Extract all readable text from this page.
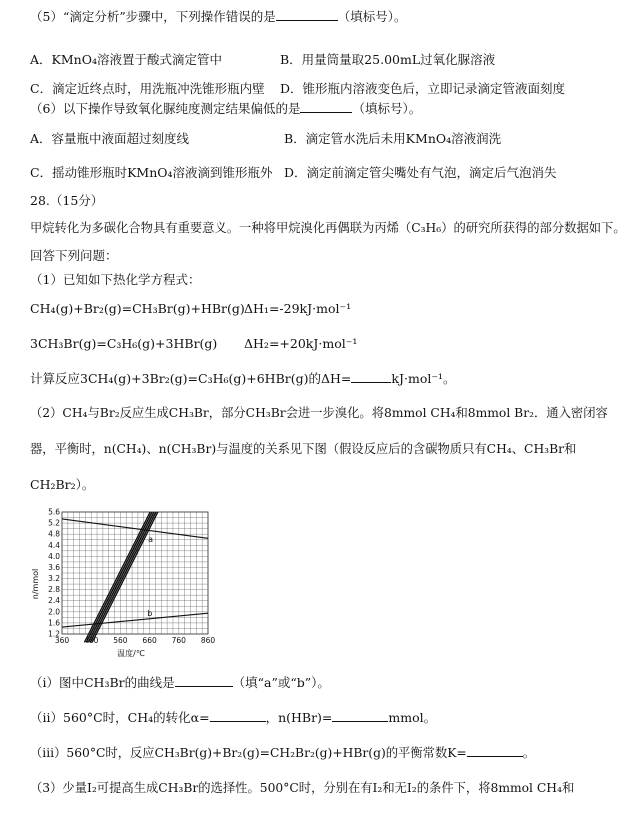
（5）“滴定分析”步骤中，下列操作错误的是	（填标号）。
A．KMnO₄溶液置于酸式滴定管中	B．用量筒量取25.00mL过氧化脲溶液
C．滴定近终点时，用洗瓶冲洗锥形瓶内壁 D．锥形瓶内溶液变色后，立即记录滴定管液面刻度
（6）以下操作导致氧化脲纯度测定结果偏低的是	（填标号）。
A．容量瓶中液面超过刻度线	B．滴定管水洗后未用KMnO₄溶液润洗
C．摇动锥形瓶时KMnO₄溶液滴到锥形瓶外 D．滴定前滴定管尖嘴处有气泡，滴定后气泡消失
28.（15分）
甲烷转化为多碳化合物具有重要意义。一种将甲烷溴化再偶联为丙烯（C₃H₆）的研究所获得的部分数据如下。
回答下列问题：
（1）已知如下热化学方程式：
CH₄(g)+Br₂(g)=CH₃Br(g)+HBr(g) ΔH₁=-29kJ·mol⁻¹
3CH₃Br(g)=C₃H₆(g)+3HBr(g) ΔH₂=+20kJ·mol⁻¹
计算反应3CH₄(g)+3Br₂(g)=C₃H₆(g)+6HBr(g)的ΔH=	kJ·mol⁻¹。
（2）CH₄与Br₂反应生成CH₃Br，部分CH₃Br会进一步溴化。将8mmol CH₄和8mmol Br₂．通入密闭容
器，平衡时，n(CH₄)、n(CH₃Br)与温度的关系见下图（假设反应后的含碳物质只有CH₄、CH₃Br和
CH₂Br₂）。
a
b
1.2
1.6
2.0
2.4
2.8
3.2
3.6
4.0
4.4
4.8
5.2
5.6
360 460 560 660 760 860
n/mmol
温度/℃
（i）图中CH₃Br的曲线是	（填“a”或“b”）。
（ii）560°C时，CH₄的转化α=	，n(HBr)=	mmol。
（iii）560°C时，反应CH₃Br(g)+Br₂(g)=CH₂Br₂(g)+HBr(g)的平衡常数K=	。
（3）少量I₂可提高生成CH₃Br的选择性。500°C时，分别在有I₂和无I₂的条件下，将8mmol CH₄和
